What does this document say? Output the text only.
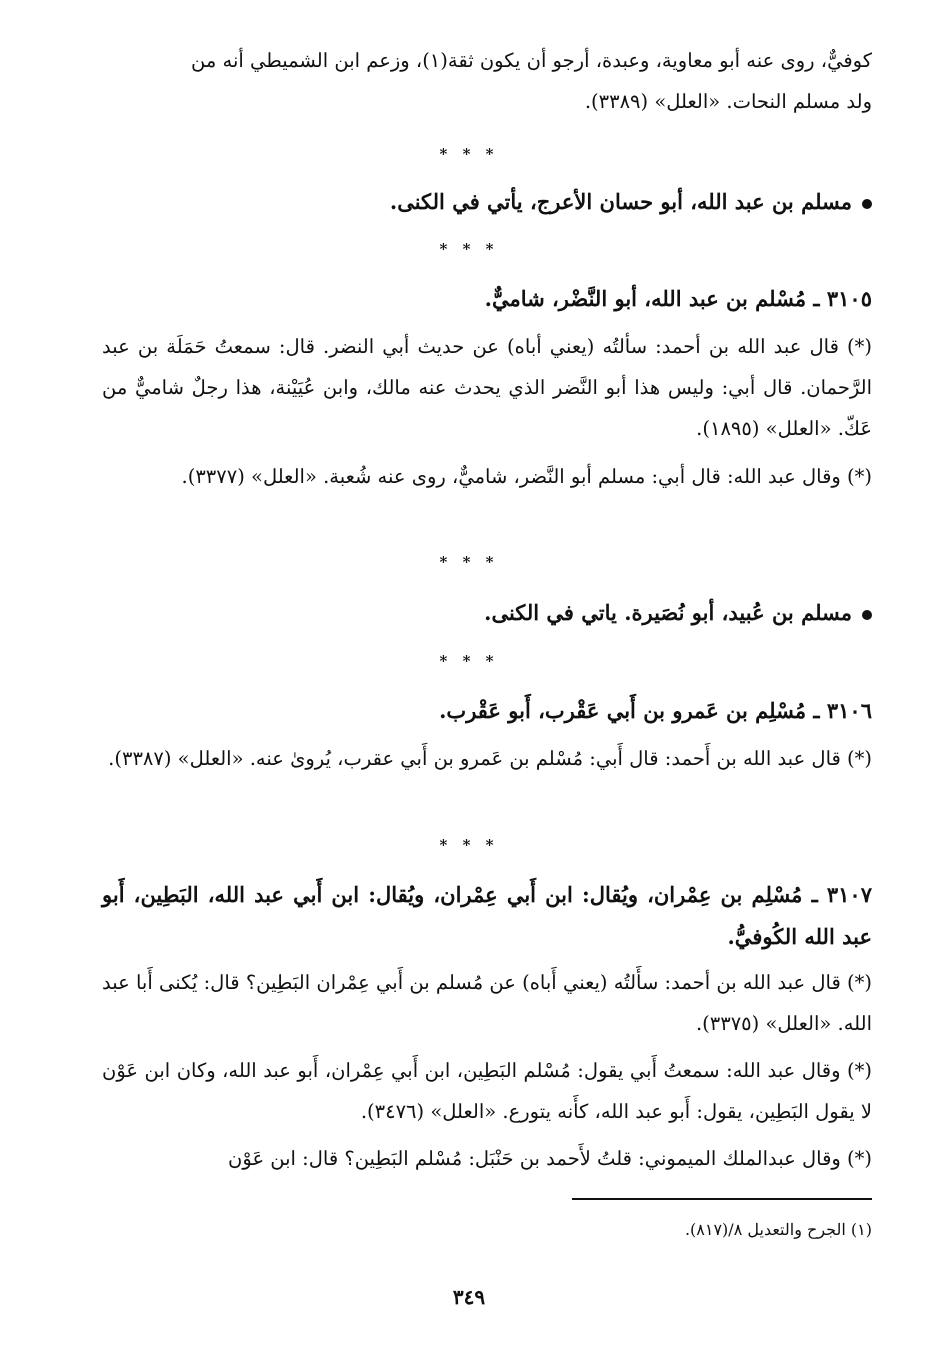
كوفيٌّ، روى عنه أبو معاوية، وعبدة، أرجو أن يكون ثقة(١)، وزعم ابن الشميطي أنه من
ولد مسلم النحات. «العلل» (٣٣٨٩).
* * *
مسلم بن عبد الله، أبو حسان الأعرج، يأتي في الكنى.
* * *
٣١٠٥ ـ مُسْلم بن عبد الله، أبو النَّضْر، شاميٌّ.
(*) قال عبد الله بن أحمد: سألتُه (يعني أباه) عن حديث أبي النضر. قال: سمعتُ حَمَلَة بن عبد الرَّحمان. قال أبي: وليس هذا أبو النَّضر الذي يحدث عنه مالك، وابن عُيَيْنة، هذا رجلٌ شاميٌّ من عَكّ. «العلل» (١٨٩٥).
(*) وقال عبد الله: قال أبي: مسلم أبو النَّضر، شاميٌّ، روى عنه شُعبة. «العلل» (٣٣٧٧).
* * *
مسلم بن عُبيد، أبو نُصَيرة. ياتي في الكنى.
* * *
٣١٠٦ ـ مُسْلِم بن عَمرو بن أَبي عَقْرب، أَبو عَقْرب.
(*) قال عبد الله بن أَحمد: قال أَبي: مُسْلم بن عَمرو بن أَبي عقرب، يُروىٰ عنه. «العلل» (٣٣٨٧).
* * *
٣١٠٧ ـ مُسْلِم بن عِمْران، ويُقال: ابن أَبي عِمْران، ويُقال: ابن أَبي عبد الله، البَطِين، أَبو عبد الله الكُوفيُّ.
(*) قال عبد الله بن أحمد: سأَلتُه (يعني أَباه) عن مُسلم بن أَبي عِمْران البَطِين؟ قال: يُكنى أَبا عبد الله. «العلل» (٣٣٧٥).
(*) وقال عبد الله: سمعتُ أَبي يقول: مُسْلم البَطِين، ابن أَبي عِمْران، أَبو عبد الله، وكان ابن عَوْن لا يقول البَطِين، يقول: أَبو عبد الله، كأَنه يتورع. «العلل» (٣٤٧٦).
(*) وقال عبدالملك الميموني: قلتُ لأَحمد بن حَنْبَل: مُسْلم البَطِين؟ قال: ابن عَوْن
(١) الجرح والتعديل ٨/(٨١٧).
٣٤٩
